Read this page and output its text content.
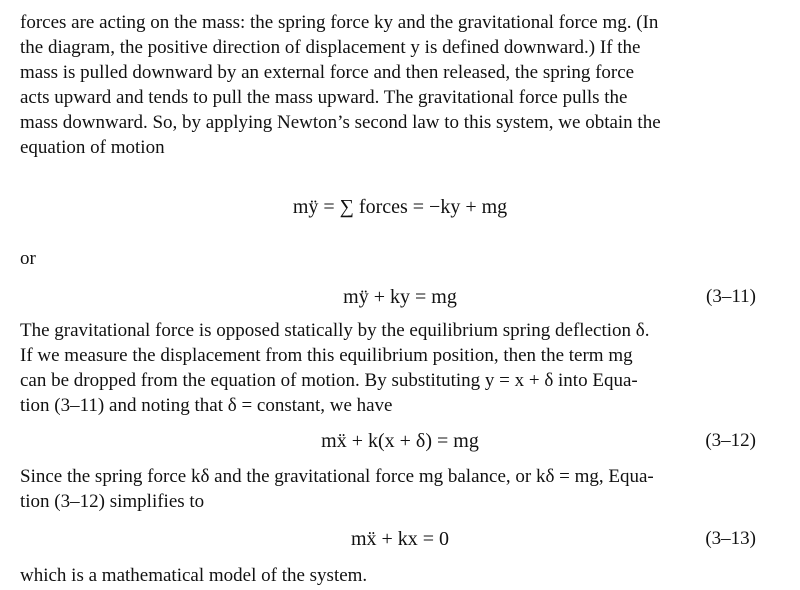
forces are acting on the mass: the spring force ky and the gravitational force mg. (In
the diagram, the positive direction of displacement y is defined downward.) If the
mass is pulled downward by an external force and then released, the spring force
acts upward and tends to pull the mass upward. The gravitational force pulls the
mass downward. So, by applying Newton’s second law to this system, we obtain the
equation of motion

mÿ = ∑ forces = −ky + mg

or

mÿ + ky = mg	(3–11)

The gravitational force is opposed statically by the equilibrium spring deflection δ.
If we measure the displacement from this equilibrium position, then the term mg
can be dropped from the equation of motion. By substituting y = x + δ into Equa-
tion (3–11) and noting that δ = constant, we have

mẍ + k(x + δ) = mg	(3–12)

Since the spring force kδ and the gravitational force mg balance, or kδ = mg, Equa-
tion (3–12) simplifies to

mẍ + kx = 0	(3–13)

which is a mathematical model of the system.
